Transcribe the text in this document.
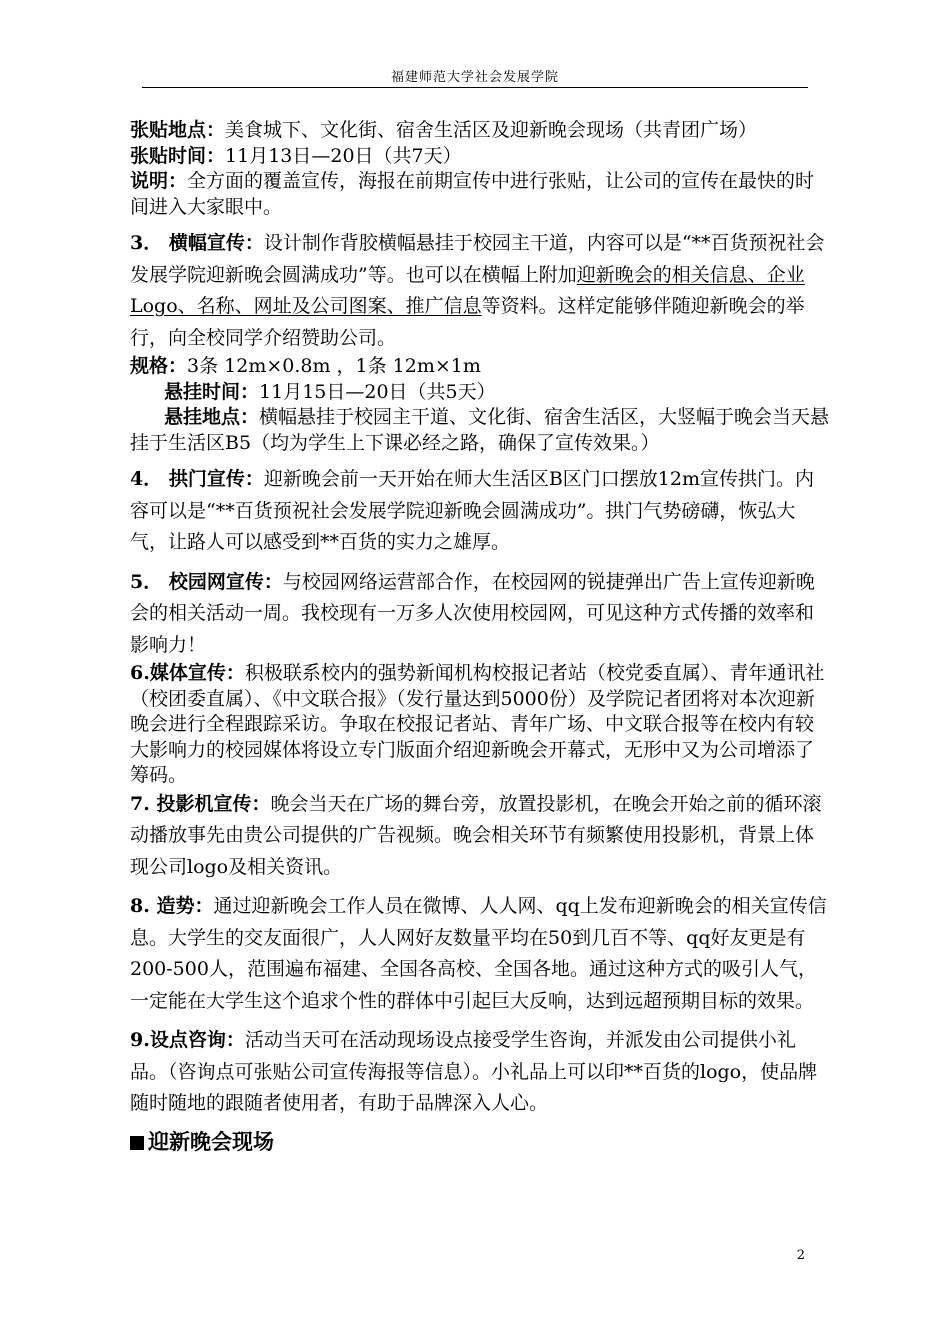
福建师范大学社会发展学院

张贴地点：美食城下、文化街、宿舍生活区及迎新晚会现场（共青团广场）

张贴时间：11月13日—20日（共7天）

说明：全方面的覆盖宣传，海报在前期宣传中进行张贴，让公司的宣传在最快的时间进入大家眼中。

3． 横幅宣传：设计制作背胶横幅悬挂于校园主干道，内容可以是“**百货预祝社会发展学院迎新晚会圆满成功”等。也可以在横幅上附加迎新晚会的相关信息、企业Logo、名称、网址及公司图案、推广信息等资料。这样定能够伴随迎新晚会的举行，向全校同学介绍赞助公司。

规格：3条 12m×0.8m ，1条 12m×1m

悬挂时间：11月15日—20日（共5天）

悬挂地点：横幅悬挂于校园主干道、文化街、宿舍生活区，大竖幅于晚会当天悬挂于生活区B5（均为学生上下课必经之路，确保了宣传效果。）

4． 拱门宣传：迎新晚会前一天开始在师大生活区B区门口摆放12m宣传拱门。内容可以是“**百货预祝社会发展学院迎新晚会圆满成功”。拱门气势磅礴，恢弘大气，让路人可以感受到**百货的实力之雄厚。

5． 校园网宣传：与校园网络运营部合作，在校园网的锐捷弹出广告上宣传迎新晚会的相关活动一周。我校现有一万多人次使用校园网，可见这种方式传播的效率和影响力！

6.媒体宣传：积极联系校内的强势新闻机构校报记者站（校党委直属）、青年通讯社（校团委直属）、《中文联合报》（发行量达到5000份）及学院记者团将对本次迎新晚会进行全程跟踪采访。争取在校报记者站、青年广场、中文联合报等在校内有较大影响力的校园媒体将设立专门版面介绍迎新晚会开幕式，无形中又为公司增添了筹码。

7. 投影机宣传：晚会当天在广场的舞台旁，放置投影机，在晚会开始之前的循环滚动播放事先由贵公司提供的广告视频。晚会相关环节有频繁使用投影机，背景上体现公司logo及相关资讯。

8. 造势：通过迎新晚会工作人员在微博、人人网、qq上发布迎新晚会的相关宣传信息。大学生的交友面很广，人人网好友数量平均在50到几百不等、qq好友更是有200-500人，范围遍布福建、全国各高校、全国各地。通过这种方式的吸引人气，一定能在大学生这个追求个性的群体中引起巨大反响，达到远超预期目标的效果。

9.设点咨询：活动当天可在活动现场设点接受学生咨询，并派发由公司提供小礼品。（咨询点可张贴公司宣传海报等信息）。小礼品上可以印**百货的logo，使品牌随时随地的跟随者使用者，有助于品牌深入人心。

迎新晚会现场

2
